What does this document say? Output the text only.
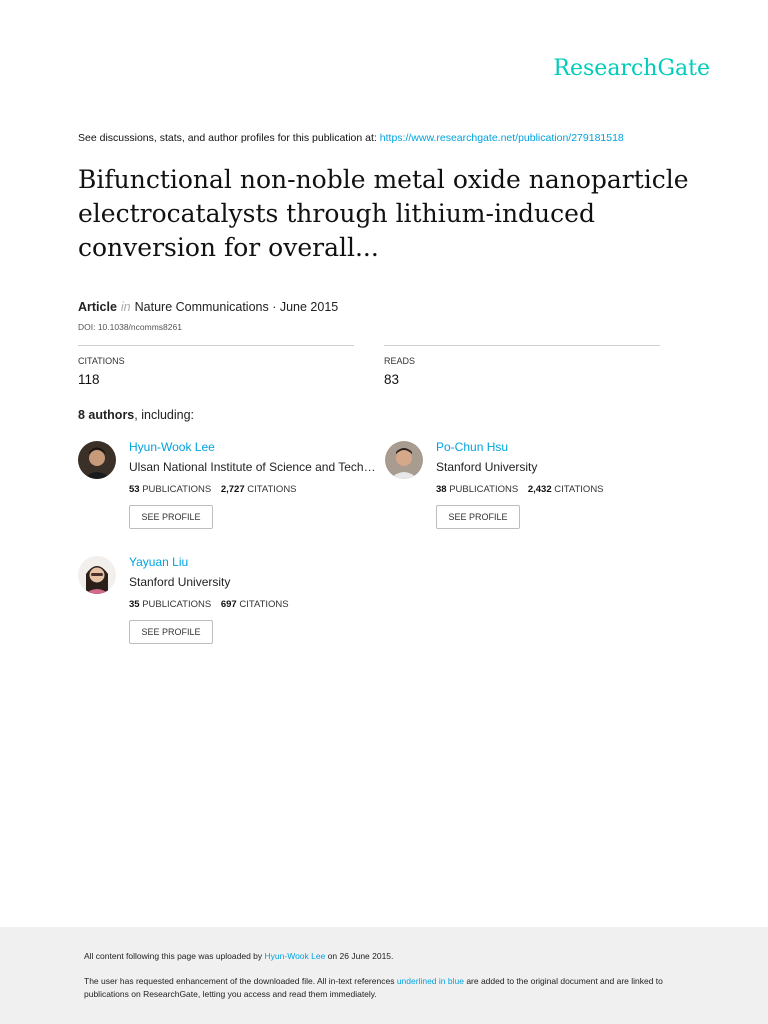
ResearchGate
See discussions, stats, and author profiles for this publication at: https://www.researchgate.net/publication/279181518
Bifunctional non-noble metal oxide nanoparticle electrocatalysts through lithium-induced conversion for overall...
Article in Nature Communications · June 2015
DOI: 10.1038/ncomms8261
CITATIONS
118
READS
83
8 authors, including:
Hyun-Wook Lee
Ulsan National Institute of Science and Tech…
53 PUBLICATIONS 2,727 CITATIONS
SEE PROFILE
Po-Chun Hsu
Stanford University
38 PUBLICATIONS 2,432 CITATIONS
SEE PROFILE
Yayuan Liu
Stanford University
35 PUBLICATIONS 697 CITATIONS
SEE PROFILE
All content following this page was uploaded by Hyun-Wook Lee on 26 June 2015.
The user has requested enhancement of the downloaded file. All in-text references underlined in blue are added to the original document and are linked to publications on ResearchGate, letting you access and read them immediately.
